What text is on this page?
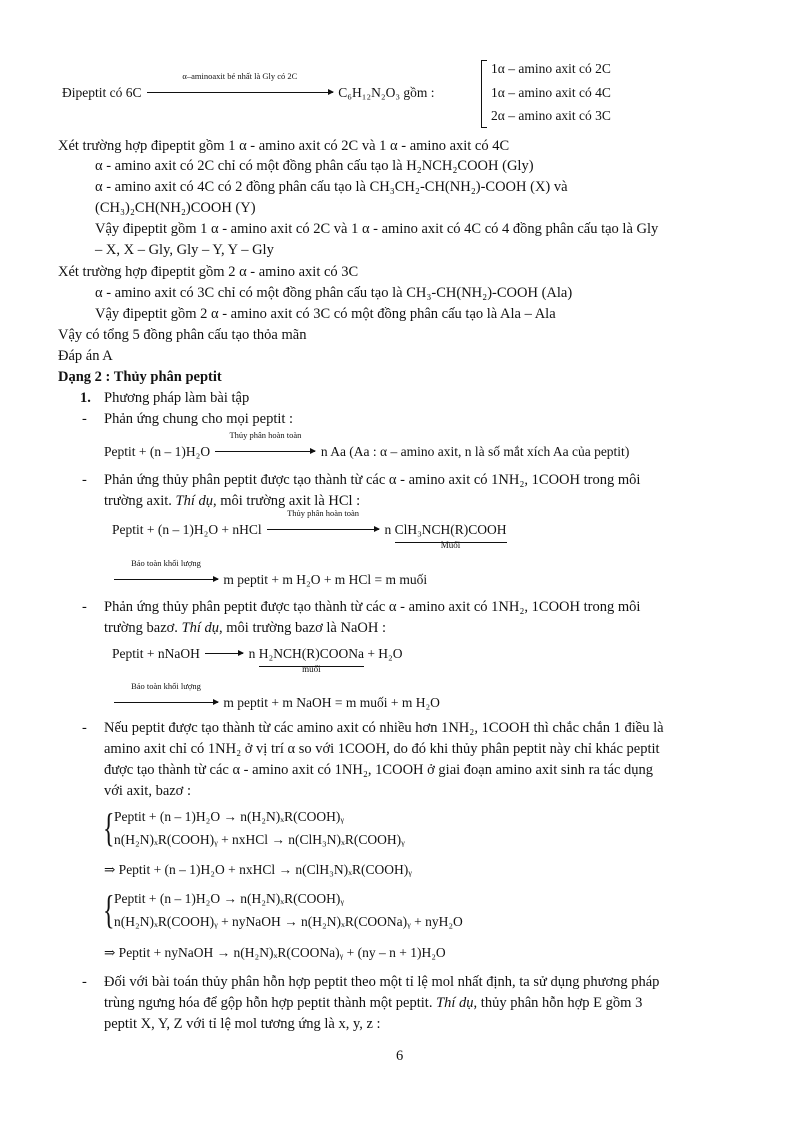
Đipeptit có 6C
α–aminoaxit bé nhất là Gly có 2C
C₆H₁₂N₂O₃ gồm :
1α – amino axit có 2C
1α – amino axit có 4C
2α – amino axit có 3C
Xét trường hợp đipeptit gồm 1 α - amino axit có 2C và 1 α - amino axit có 4C
α - amino axit có 2C chỉ có một đồng phân cấu tạo là H₂NCH₂COOH (Gly)
α - amino axit có 4C có 2 đồng phân cấu tạo là CH₃CH₂-CH(NH₂)-COOH (X) và
(CH₃)₂CH(NH₂)COOH (Y)
Vậy đipeptit gồm 1 α - amino axit có 2C và 1 α - amino axit có 4C có 4 đồng phân cấu tạo là Gly
– X, X – Gly, Gly – Y, Y – Gly
Xét trường hợp đipeptit gồm 2 α - amino axit có 3C
α - amino axit có 3C chỉ có một đồng phân cấu tạo là CH₃-CH(NH₂)-COOH (Ala)
Vậy đipeptit gồm 2 α - amino axit có 3C có một đồng phân cấu tạo là Ala – Ala
Vậy có tổng 5 đồng phân cấu tạo thỏa mãn
Đáp án A
Dạng 2 : Thủy phân peptit
1. Phương pháp làm bài tập
- Phản ứng chung cho mọi peptit :
Peptit + (n – 1)H₂O
Thủy phân hoàn toàn
n Aa (Aa : α – amino axit, n là số mắt xích Aa của peptit)
- Phản ứng thủy phân peptit được tạo thành từ các α - amino axit có 1NH₂, 1COOH trong môi
trường axit. Thí dụ, môi trường axit là HCl :
Peptit + (n – 1)H₂O + nHCl
Thủy phân hoàn toàn
n ClH₃NCH(R)COOH
Muối
Bảo toàn khối lượng
m peptit + m H₂O + m HCl = m muối
- Phản ứng thủy phân peptit được tạo thành từ các α - amino axit có 1NH₂, 1COOH trong môi
trường bazơ. Thí dụ, môi trường bazơ là NaOH :
Peptit + nNaOH → n H₂NCH(R)COONa
muối
+ H₂O
Bảo toàn khối lượng
m peptit + m NaOH = m muối + m H₂O
- Nếu peptit được tạo thành từ các amino axit có nhiều hơn 1NH₂, 1COOH thì chắc chắn 1 điều là
amino axit chỉ có 1NH₂ ở vị trí α so với 1COOH, do đó khi thủy phân peptit này chỉ khác peptit
được tạo thành từ các α - amino axit có 1NH₂, 1COOH ở giai đoạn amino axit sinh ra tác dụng
với axit, bazơ :
{ Peptit + (n – 1)H₂O → n(H₂N)ₓR(COOH)ᵧ
n(H₂N)ₓR(COOH)ᵧ + nxHCl → n(ClH₃N)ₓR(COOH)ᵧ
⇒ Peptit + (n – 1)H₂O + nxHCl → n(ClH₃N)ₓR(COOH)ᵧ
{ Peptit + (n – 1)H₂O → n(H₂N)ₓR(COOH)ᵧ
n(H₂N)ₓR(COOH)ᵧ + nyNaOH → n(H₂N)ₓR(COONa)ᵧ + nyH₂O
⇒ Peptit + nyNaOH → n(H₂N)ₓR(COONa)ᵧ + (ny – n + 1)H₂O
- Đối với bài toán thủy phân hỗn hợp peptit theo một tỉ lệ mol nhất định, ta sử dụng phương pháp
trùng ngưng hóa để gộp hỗn hợp peptit thành một peptit. Thí dụ, thủy phân hỗn hợp E gồm 3
peptit X, Y, Z với tỉ lệ mol tương ứng là x, y, z :
6
